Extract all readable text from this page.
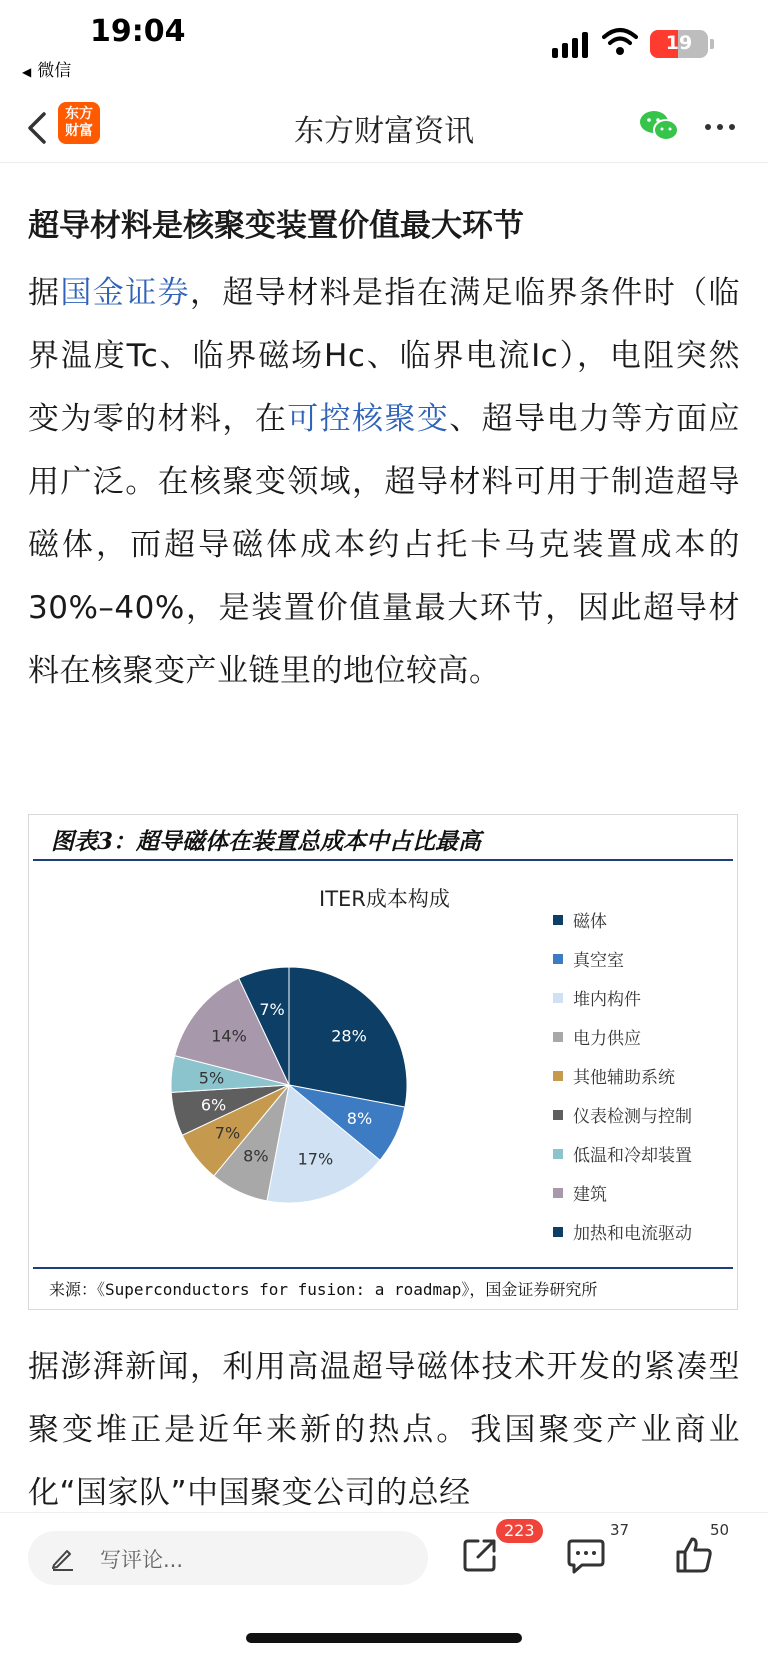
19:04
◀ 微信
19
东方
财富	东方财富资讯
超导材料是核聚变装置价值最大环节
据国金证券，超导材料是指在满足临界条件时（临界温度Tc、临界磁场Hc、临界电流Ic），电阻突然变为零的材料，在可控核聚变、超导电力等方面应用广泛。在核聚变领域，超导材料可用于制造超导磁体，而超导磁体成本约占托卡马克装置成本的30%–40%，是装置价值量最大环节，因此超导材料在核聚变产业链里的地位较高。
图表3：超导磁体在装置总成本中占比最高
ITER成本构成
28%
8%
17%
8%
7%
6%
5%
14%
7%
磁体
真空室
堆内构件
电力供应
其他辅助系统
仪表检测与控制
低温和冷却装置
建筑
加热和电流驱动
来源：《Superconductors for fusion: a roadmap》，国金证券研究所
据澎湃新闻，利用高温超导磁体技术开发的紧凑型聚变堆正是近年来新的热点。我国聚变产业商业化“国家队”中国聚变公司的总经
写评论...
223	37	50
